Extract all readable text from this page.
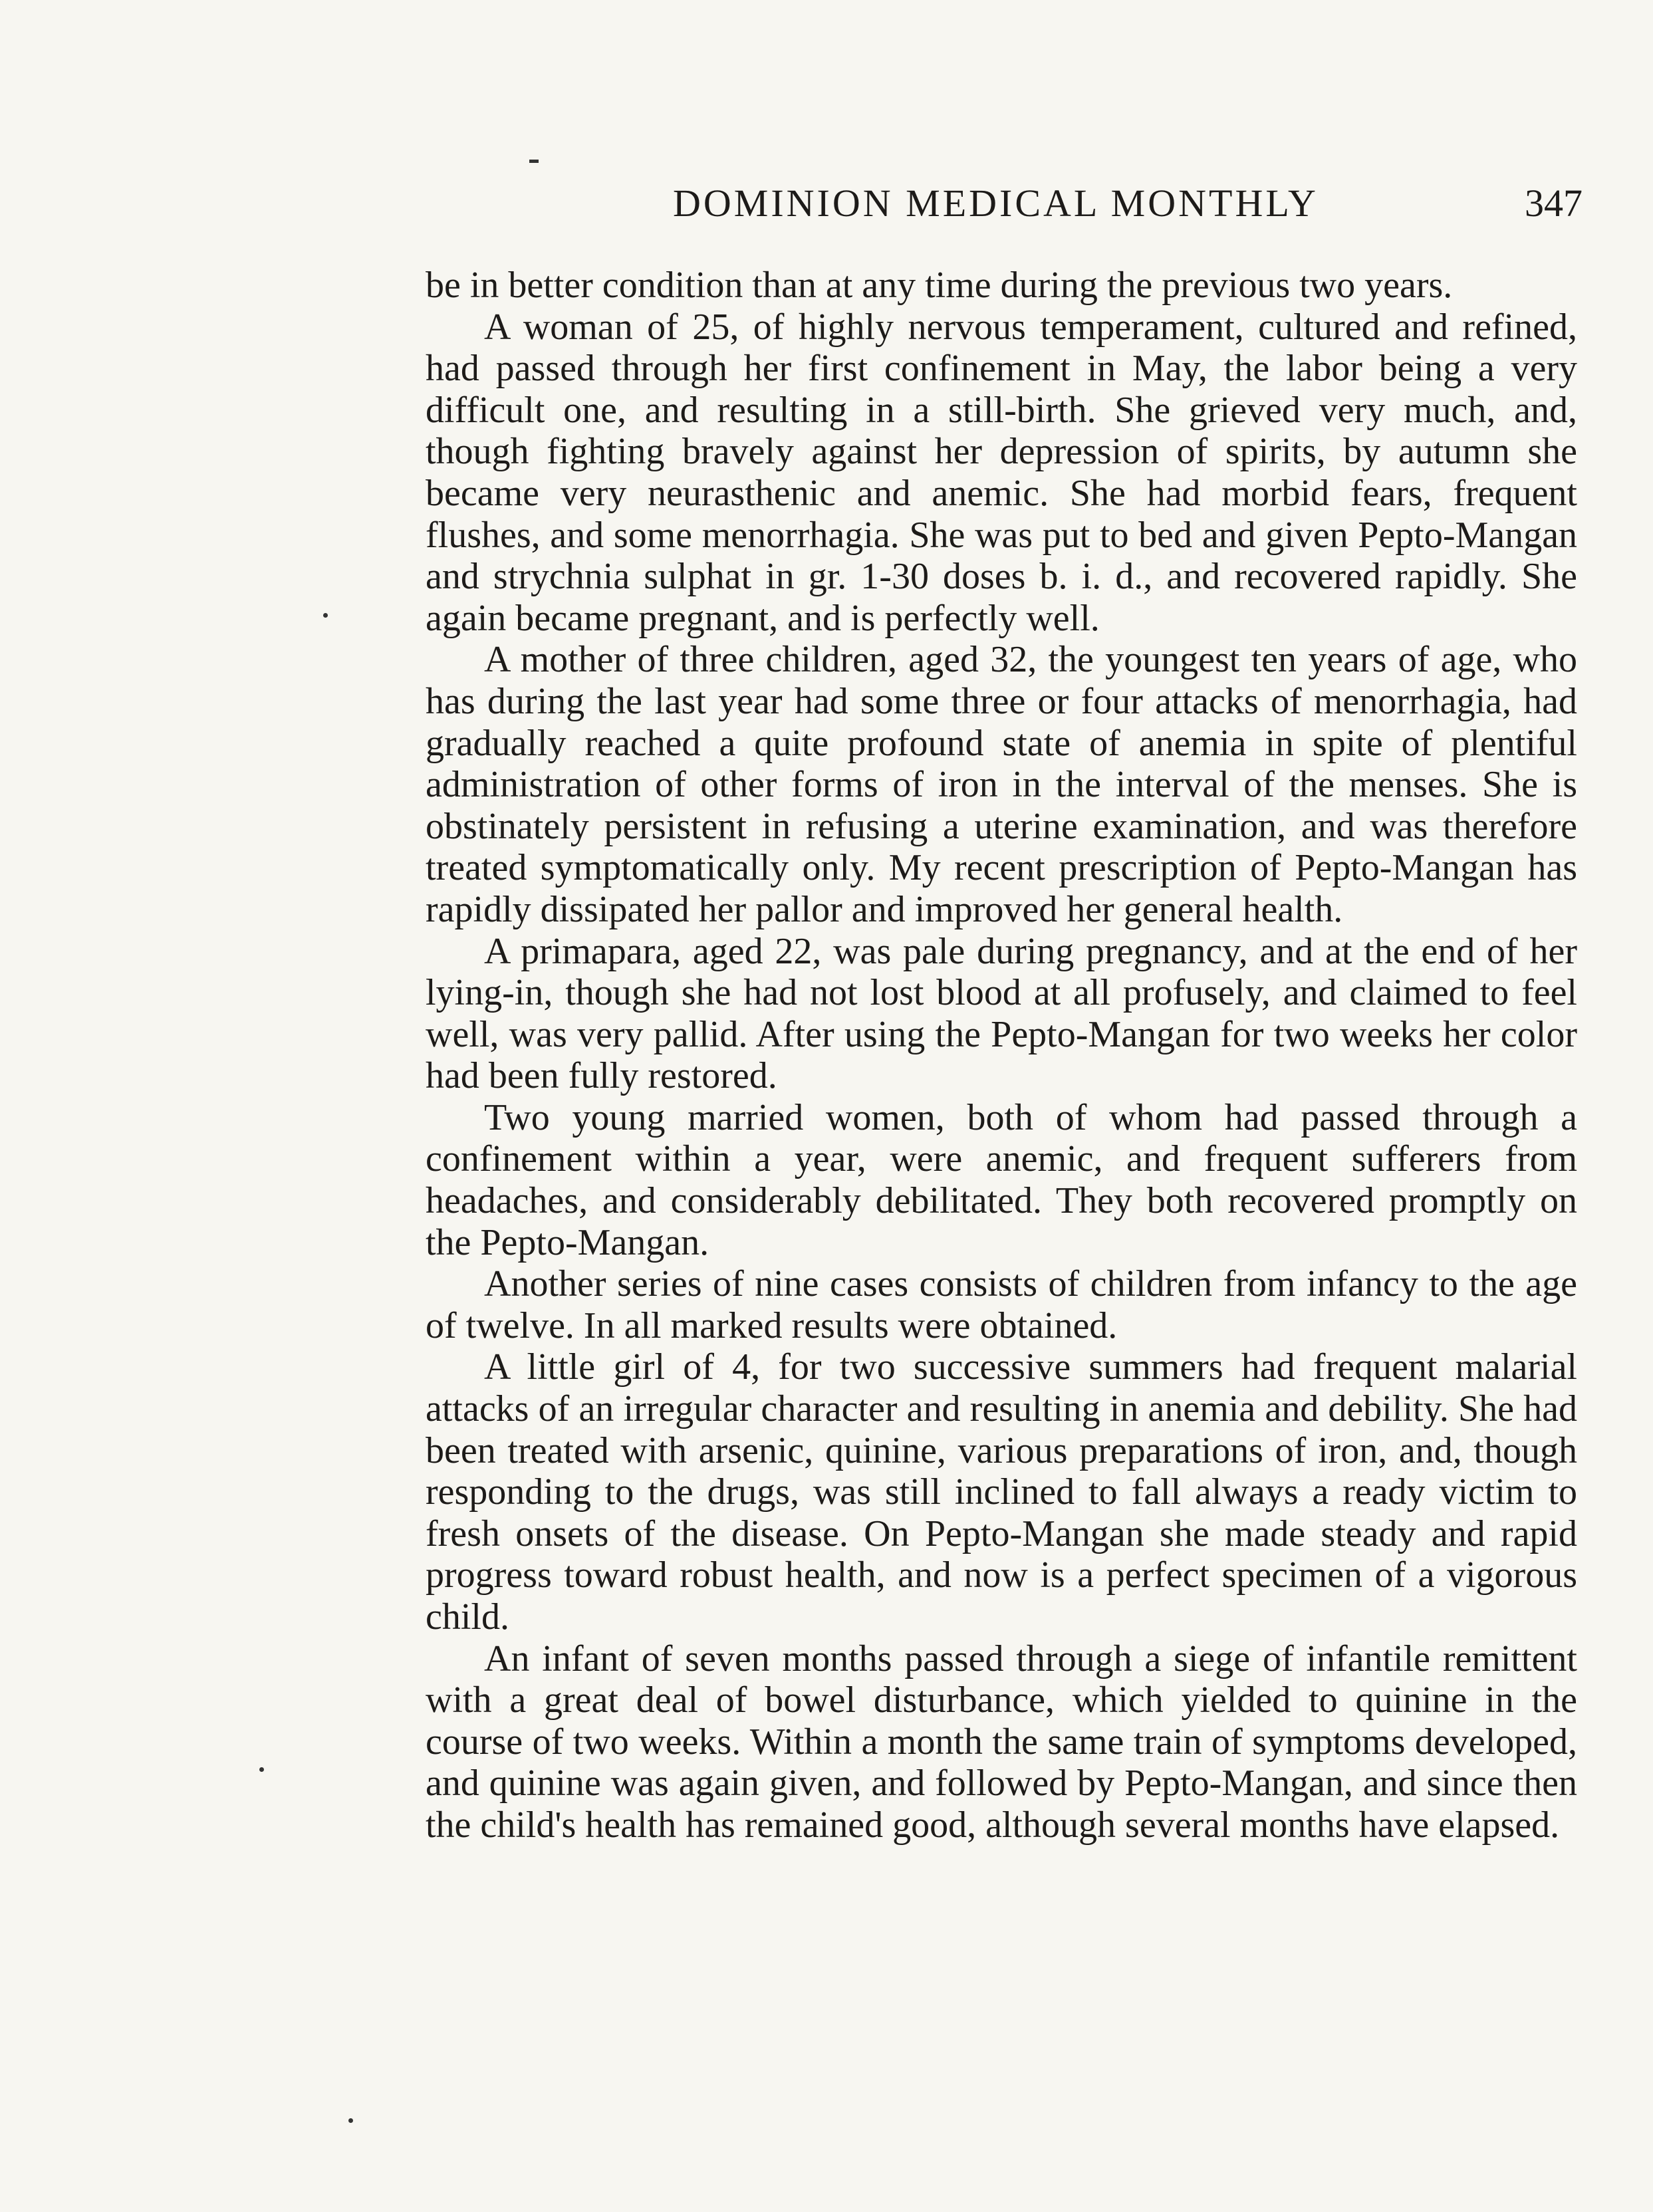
DOMINION MEDICAL MONTHLY	347

be in better condition than at any time during the previous two years.

A woman of 25, of highly nervous temperament, cultured and refined, had passed through her first confinement in May, the labor being a very difficult one, and resulting in a still-birth. She grieved very much, and, though fighting bravely against her depression of spirits, by autumn she became very neurasthenic and anemic. She had morbid fears, frequent flushes, and some menorrhagia. She was put to bed and given Pepto-Mangan and strychnia sulphat in gr. 1-30 doses b. i. d., and recovered rapidly. She again became pregnant, and is perfectly well.

A mother of three children, aged 32, the youngest ten years of age, who has during the last year had some three or four attacks of menorrhagia, had gradually reached a quite profound state of anemia in spite of plentiful administration of other forms of iron in the interval of the menses. She is obstinately persistent in refusing a uterine examination, and was therefore treated symptomatically only. My recent prescription of Pepto-Mangan has rapidly dissipated her pallor and improved her general health.

A primapara, aged 22, was pale during pregnancy, and at the end of her lying-in, though she had not lost blood at all profusely, and claimed to feel well, was very pallid. After using the Pepto-Mangan for two weeks her color had been fully restored.

Two young married women, both of whom had passed through a confinement within a year, were anemic, and frequent sufferers from headaches, and considerably debilitated. They both recovered promptly on the Pepto-Mangan.

Another series of nine cases consists of children from infancy to the age of twelve. In all marked results were obtained.

A little girl of 4, for two successive summers had frequent malarial attacks of an irregular character and resulting in anemia and debility. She had been treated with arsenic, quinine, various preparations of iron, and, though responding to the drugs, was still inclined to fall always a ready victim to fresh onsets of the disease. On Pepto-Mangan she made steady and rapid progress toward robust health, and now is a perfect specimen of a vigorous child.

An infant of seven months passed through a siege of infantile remittent with a great deal of bowel disturbance, which yielded to quinine in the course of two weeks. Within a month the same train of symptoms developed, and quinine was again given, and followed by Pepto-Mangan, and since then the child's health has remained good, although several months have elapsed.
